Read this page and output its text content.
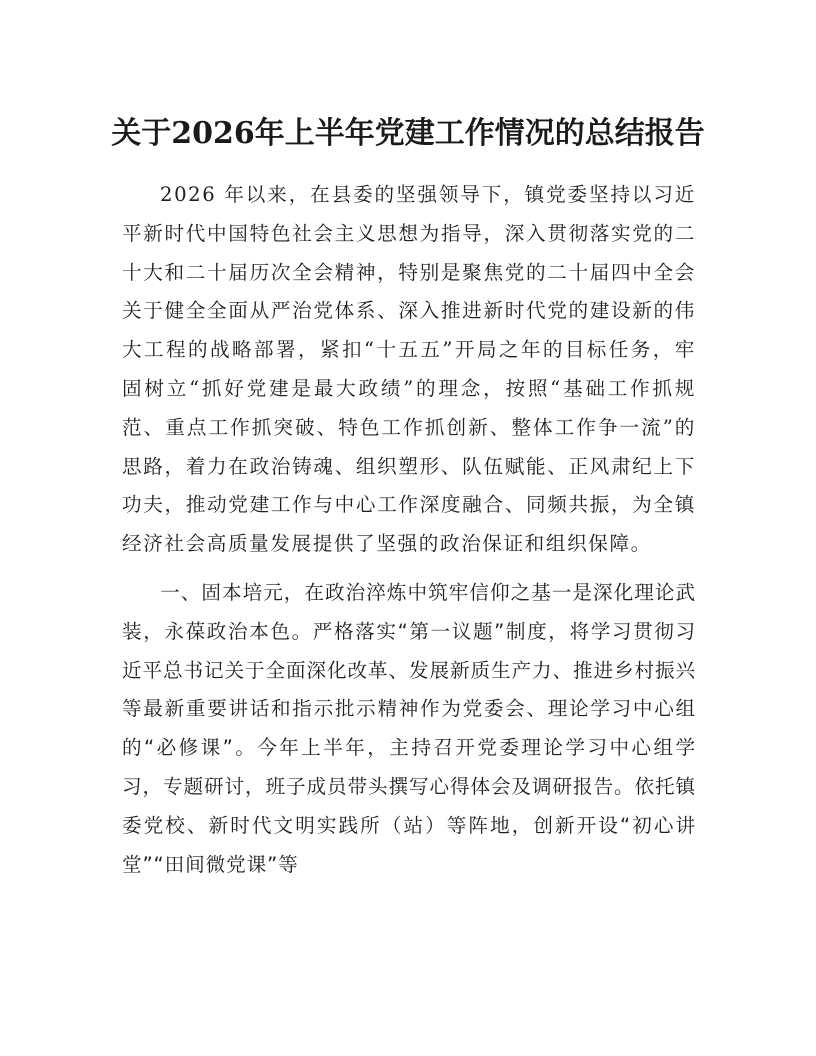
关于2026年上半年党建工作情况的总结报告

2026 年以来，在县委的坚强领导下，镇党委坚持以习近平新时代中国特色社会主义思想为指导，深入贯彻落实党的二十大和二十届历次全会精神，特别是聚焦党的二十届四中全会关于健全全面从严治党体系、深入推进新时代党的建设新的伟大工程的战略部署，紧扣“十五五”开局之年的目标任务，牢固树立“抓好党建是最大政绩”的理念，按照“基础工作抓规范、重点工作抓突破、特色工作抓创新、整体工作争一流”的思路，着力在政治铸魂、组织塑形、队伍赋能、正风肃纪上下功夫，推动党建工作与中心工作深度融合、同频共振，为全镇经济社会高质量发展提供了坚强的政治保证和组织保障。

一、固本培元，在政治淬炼中筑牢信仰之基一是深化理论武装，永葆政治本色。严格落实“第一议题”制度，将学习贯彻习近平总书记关于全面深化改革、发展新质生产力、推进乡村振兴等最新重要讲话和指示批示精神作为党委会、理论学习中心组的“必修课”。今年上半年，主持召开党委理论学习中心组学习，专题研讨，班子成员带头撰写心得体会及调研报告。依托镇委党校、新时代文明实践所（站）等阵地，创新开设“初心讲堂”“田间微党课”等
